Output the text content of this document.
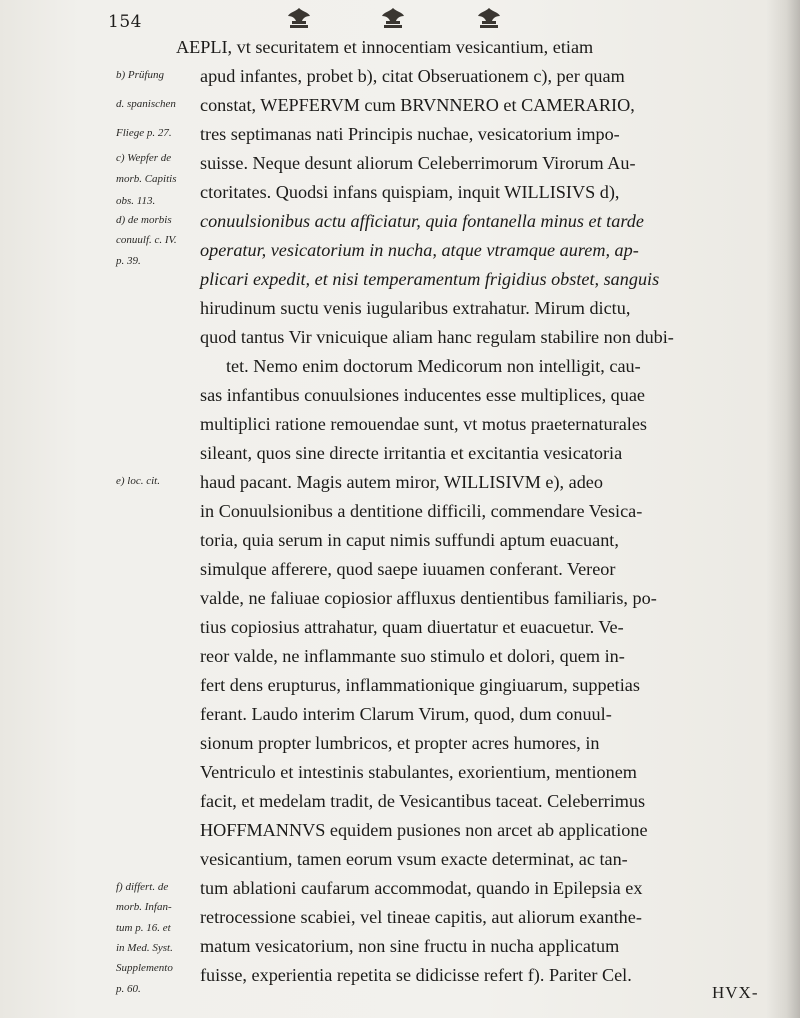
154
b) Prüfung
d. spanischen
Fliege p. 27.
c) Wepfer de
morb. Capitis
obs. 113.
d) de morbis
conuulf. c. IV.
p. 39.
e) loc. cit.
f) differt. de
morb. Infan-
tum p. 16. et
in Med. Syst.
Supplemento
p. 60.
AEPLI, vt securitatem et innocentiam vesicantium, etiam
apud infantes, probet b), citat Obseruationem c), per quam
constat, WEPFERVM cum BRVNNERO et CAMERARIO,
tres septimanas nati Principis nuchae, vesicatorium impo-
suisse. Neque desunt aliorum Celeberrimorum Virorum Au-
ctoritates. Quodsi infans quispiam, inquit WILLISIVS d),
conuulsionibus actu afficiatur, quia fontanella minus et tarde
operatur, vesicatorium in nucha, atque vtramque aurem, ap-
plicari expedit, et nisi temperamentum frigidius obstet, sanguis
hirudinum suctu venis iugularibus extrahatur. Mirum dictu,
quod tantus Vir vnicuique aliam hanc regulam stabilire non dubi-
tet. Nemo enim doctorum Medicorum non intelligit, cau-
sas infantibus conuulsiones inducentes esse multiplices, quae
multiplici ratione remouendae sunt, vt motus praeternaturales
sileant, quos sine directe irritantia et excitantia vesicatoria
haud pacant. Magis autem miror, WILLISIVM e), adeo
in Conuulsionibus a dentitione difficili, commendare Vesica-
toria, quia serum in caput nimis suffundi aptum euacuant,
simulque afferere, quod saepe iuuamen conferant. Vereor
valde, ne faliuae copiosior affluxus dentientibus familiaris, po-
tius copiosius attrahatur, quam diuertatur et euacuetur. Ve-
reor valde, ne inflammante suo stimulo et dolori, quem in-
fert dens erupturus, inflammationique gingiuarum, suppetias
ferant. Laudo interim Clarum Virum, quod, dum conuul-
sionum propter lumbricos, et propter acres humores, in
Ventriculo et intestinis stabulantes, exorientium, mentionem
facit, et medelam tradit, de Vesicantibus taceat. Celeberrimus
HOFFMANNVS equidem pusiones non arcet ab applicatione
vesicantium, tamen eorum vsum exacte determinat, ac tan-
tum ablationi caufarum accommodat, quando in Epilepsia ex
retrocessione scabiei, vel tineae capitis, aut aliorum exanthe-
matum vesicatorium, non sine fructu in nucha applicatum
fuisse, experientia repetita se didicisse refert f). Pariter Cel.
HVX-
